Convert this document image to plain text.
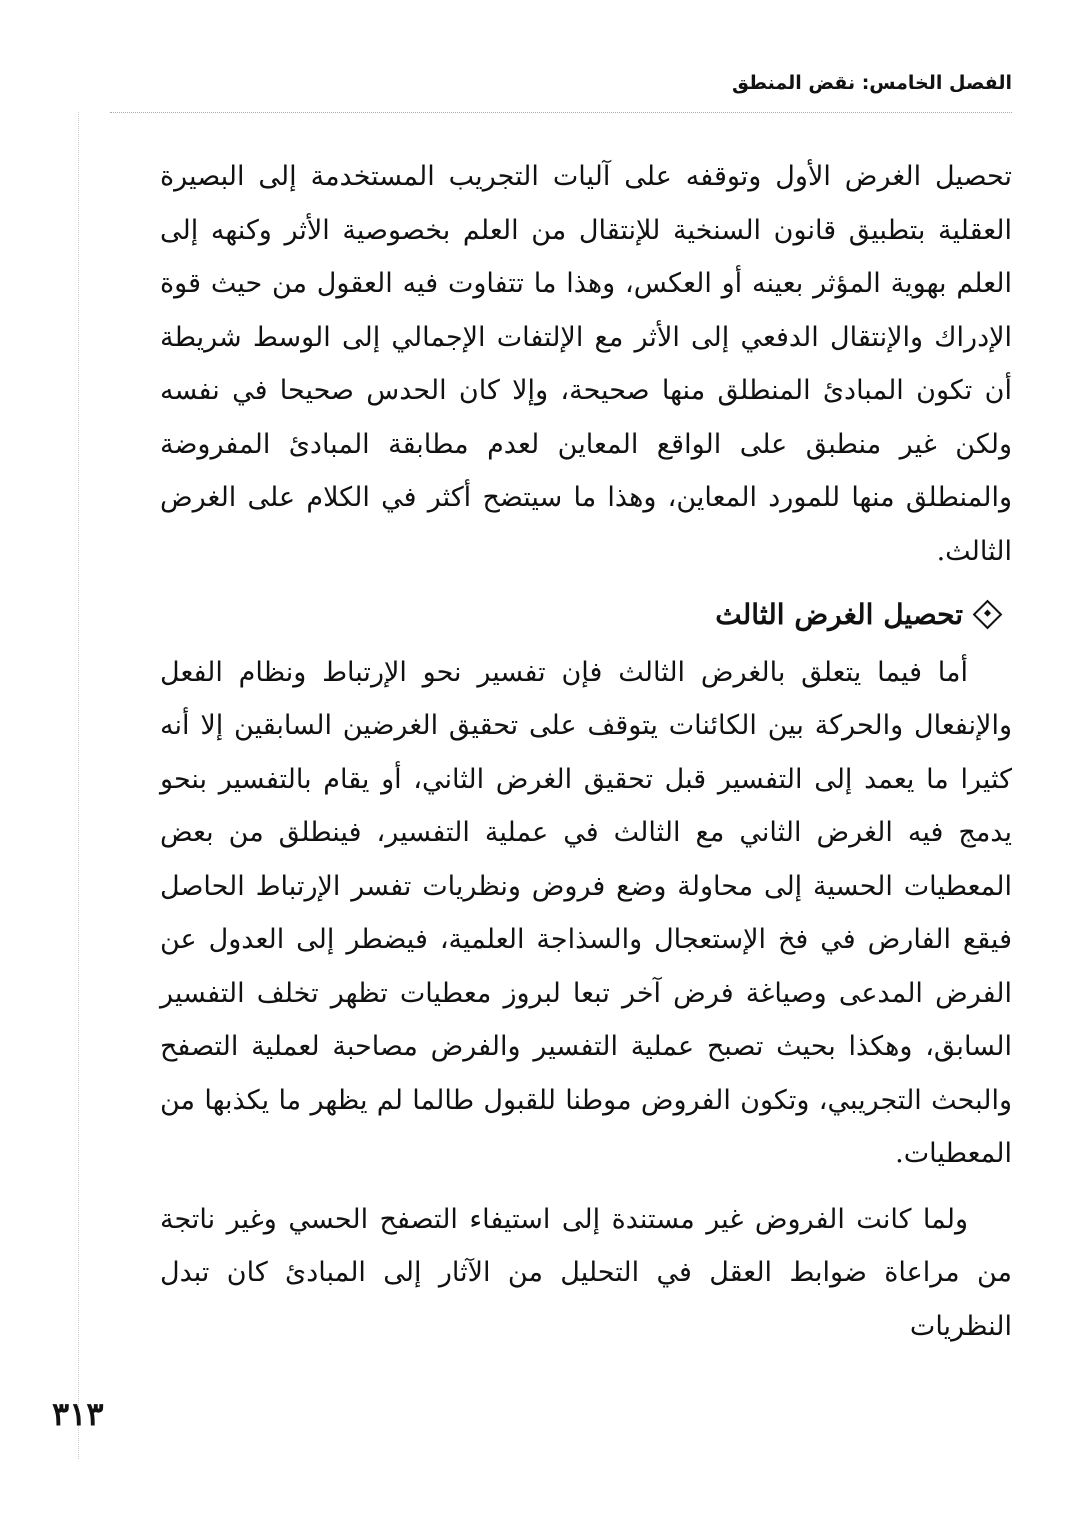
الفصل الخامس: نقض المنطق

تحصيل الغرض الأول وتوقفه على آليات التجريب المستخدمة إلى البصيرة العقلية بتطبيق قانون السنخية للإنتقال من العلم بخصوصية الأثر وكنهه إلى العلم بهوية المؤثر بعينه أو العكس، وهذا ما تتفاوت فيه العقول من حيث قوة الإدراك والإنتقال الدفعي إلى الأثر مع الإلتفات الإجمالي إلى الوسط شريطة أن تكون المبادئ المنطلق منها صحيحة، وإلا كان الحدس صحيحا في نفسه ولكن غير منطبق على الواقع المعاين لعدم مطابقة المبادئ المفروضة والمنطلق منها للمورد المعاين، وهذا ما سيتضح أكثر في الكلام على الغرض الثالث.

تحصيل الغرض الثالث

أما فيما يتعلق بالغرض الثالث فإن تفسير نحو الإرتباط ونظام الفعل والإنفعال والحركة بين الكائنات يتوقف على تحقيق الغرضين السابقين إلا أنه كثيرا ما يعمد إلى التفسير قبل تحقيق الغرض الثاني، أو يقام بالتفسير بنحو يدمج فيه الغرض الثاني مع الثالث في عملية التفسير، فينطلق من بعض المعطيات الحسية إلى محاولة وضع فروض ونظريات تفسر الإرتباط الحاصل فيقع الفارض في فخ الإستعجال والسذاجة العلمية، فيضطر إلى العدول عن الفرض المدعى وصياغة فرض آخر تبعا لبروز معطيات تظهر تخلف التفسير السابق، وهكذا بحيث تصبح عملية التفسير والفرض مصاحبة لعملية التصفح والبحث التجريبي، وتكون الفروض موطنا للقبول طالما لم يظهر ما يكذبها من المعطيات.

ولما كانت الفروض غير مستندة إلى استيفاء التصفح الحسي وغير ناتجة من مراعاة ضوابط العقل في التحليل من الآثار إلى المبادئ كان تبدل النظريات

٣١٣
